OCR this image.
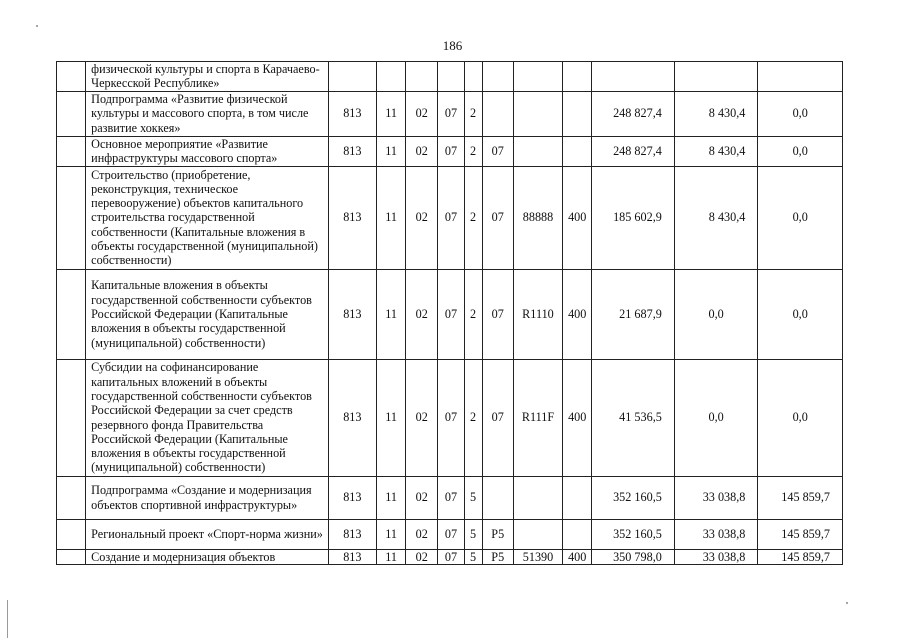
186
	физической культуры и спорта в Карачаево-Черкесской Республике»											
	Подпрограмма «Развитие физической культуры и массового спорта, в том числе развитие хоккея»	813	11	02	07	2				248 827,4	8 430,4	0,0
	Основное мероприятие «Развитие инфраструктуры массового спорта»	813	11	02	07	2	07			248 827,4	8 430,4	0,0
	Строительство (приобретение, реконструкция, техническое перевооружение) объектов капитального строительства государственной собственности (Капитальные вложения в объекты государственной (муниципальной) собственности)	813	11	02	07	2	07	88888	400	185 602,9	8 430,4	0,0
	Капитальные вложения в объекты государственной собственности субъектов Российской Федерации (Капитальные вложения в объекты государственной (муниципальной) собственности)	813	11	02	07	2	07	R1110	400	21 687,9	0,0	0,0
	Субсидии на софинансирование капитальных вложений в объекты государственной собственности субъектов Российской Федерации за счет средств резервного фонда Правительства Российской Федерации (Капитальные вложения в объекты государственной (муниципальной) собственности)	813	11	02	07	2	07	R111F	400	41 536,5	0,0	0,0
	Подпрограмма «Создание и модернизация объектов спортивной инфраструктуры»	813	11	02	07	5				352 160,5	33 038,8	145 859,7
	Региональный проект «Спорт-норма жизни»	813	11	02	07	5	P5			352 160,5	33 038,8	145 859,7
	Создание и модернизация объектов	813	11	02	07	5	P5	51390	400	350 798,0	33 038,8	145 859,7
